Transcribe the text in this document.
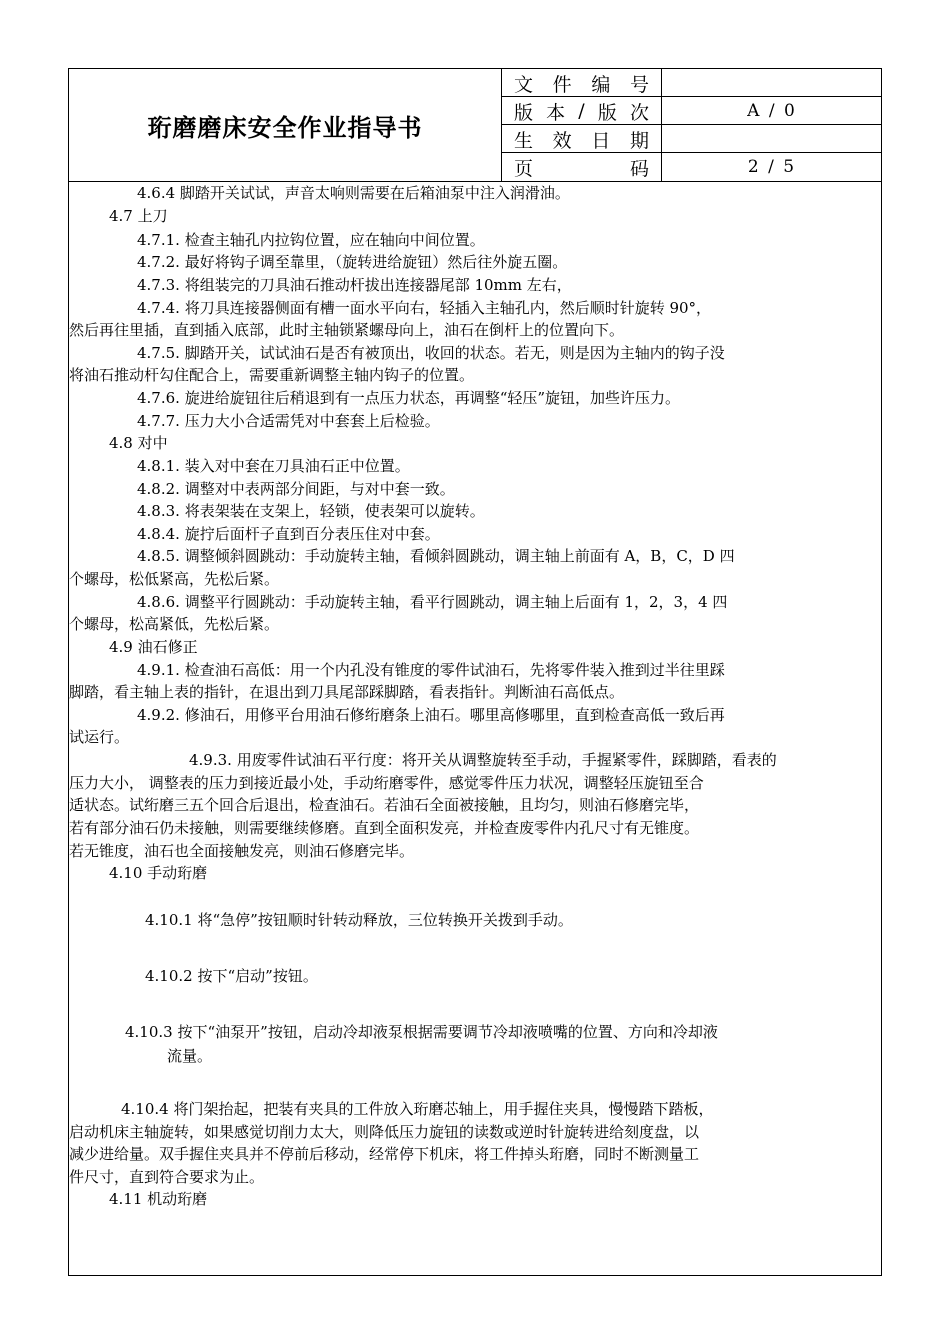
珩磨磨床安全作业指导书
文 件 编 号
版 本 / 版 次	A / 0
生 效 日 期
页	码	2 / 5
4.6.4 脚踏开关试试，声音太响则需要在后箱油泵中注入润滑油。
4.7 上刀
4.7.1. 检查主轴孔内拉钩位置，应在轴向中间位置。
4.7.2. 最好将钩子调至靠里，（旋转进给旋钮）然后往外旋五圈。
4.7.3. 将组装完的刀具油石推动杆拔出连接器尾部 10mm 左右，
4.7.4. 将刀具连接器侧面有槽一面水平向右，轻插入主轴孔内，然后顺时针旋转 90°，
然后再往里插，直到插入底部，此时主轴锁紧螺母向上，油石在倒杆上的位置向下。
4.7.5. 脚踏开关，试试油石是否有被顶出，收回的状态。若无，则是因为主轴内的钩子没
将油石推动杆勾住配合上，需要重新调整主轴内钩子的位置。
4.7.6. 旋进给旋钮往后稍退到有一点压力状态，再调整“轻压”旋钮，加些许压力。
4.7.7. 压力大小合适需凭对中套套上后检验。
4.8 对中
4.8.1. 装入对中套在刀具油石正中位置。
4.8.2. 调整对中表两部分间距，与对中套一致。
4.8.3. 将表架装在支架上，轻锁，使表架可以旋转。
4.8.4. 旋拧后面杆子直到百分表压住对中套。
4.8.5. 调整倾斜圆跳动：手动旋转主轴，看倾斜圆跳动，调主轴上前面有 A，B，C，D 四
个螺母，松低紧高，先松后紧。
4.8.6. 调整平行圆跳动：手动旋转主轴，看平行圆跳动，调主轴上后面有 1，2，3，4 四
个螺母，松高紧低，先松后紧。
4.9 油石修正
4.9.1. 检查油石高低：用一个内孔没有锥度的零件试油石，先将零件装入推到过半往里踩
脚踏，看主轴上表的指针，在退出到刀具尾部踩脚踏，看表指针。判断油石高低点。
4.9.2. 修油石，用修平台用油石修绗磨条上油石。哪里高修哪里，直到检查高低一致后再
试运行。
4.9.3. 用废零件试油石平行度：将开关从调整旋转至手动，手握紧零件，踩脚踏，看表的
压力大小， 调整表的压力到接近最小处，手动绗磨零件，感觉零件压力状况，调整轻压旋钮至合
适状态。试绗磨三五个回合后退出，检查油石。若油石全面被接触，且均匀，则油石修磨完毕，
若有部分油石仍未接触，则需要继续修磨。直到全面积发亮，并检查废零件内孔尺寸有无锥度。
若无锥度，油石也全面接触发亮，则油石修磨完毕。
4.10 手动珩磨
4.10.1 将“急停”按钮顺时针转动释放，三位转换开关拨到手动。
4.10.2 按下“启动”按钮。
4.10.3 按下“油泵开”按钮，启动冷却液泵根据需要调节冷却液喷嘴的位置、方向和冷却液
流量。
4.10.4 将门架抬起，把装有夹具的工件放入珩磨芯轴上，用手握住夹具，慢慢踏下踏板，
启动机床主轴旋转，如果感觉切削力太大，则降低压力旋钮的读数或逆时针旋转进给刻度盘，以
减少进给量。双手握住夹具并不停前后移动，经常停下机床，将工件掉头珩磨，同时不断测量工
件尺寸，直到符合要求为止。
4.11 机动珩磨
